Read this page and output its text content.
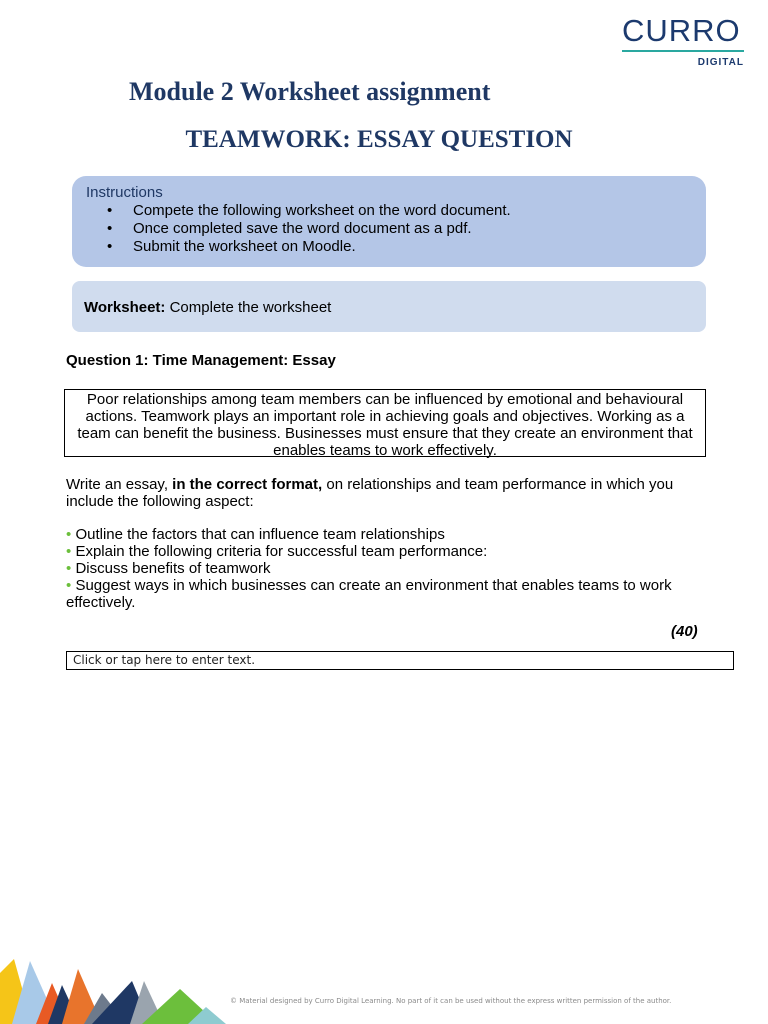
CURRO
DIGITAL
Module 2 Worksheet assignment
TEAMWORK: ESSAY QUESTION
Instructions
•	Compete the following worksheet on the word document.
•	Once completed save the word document as a pdf.
•	Submit the worksheet on Moodle.
Worksheet: Complete the worksheet
Question 1: Time Management: Essay
Poor relationships among team members can be influenced by emotional and behavioural actions. Teamwork plays an important role in achieving goals and objectives. Working as a team can benefit the business. Businesses must ensure that they create an environment that enables teams to work effectively.
Write an essay, in the correct format, on relationships and team performance in which you include the following aspect:
• Outline the factors that can influence team relationships
• Explain the following criteria for successful team performance:
• Discuss benefits of teamwork
• Suggest ways in which businesses can create an environment that enables teams to work effectively.
(40)
Click or tap here to enter text.
© Material designed by Curro Digital Learning. No part of it can be used without the express written permission of the author.
